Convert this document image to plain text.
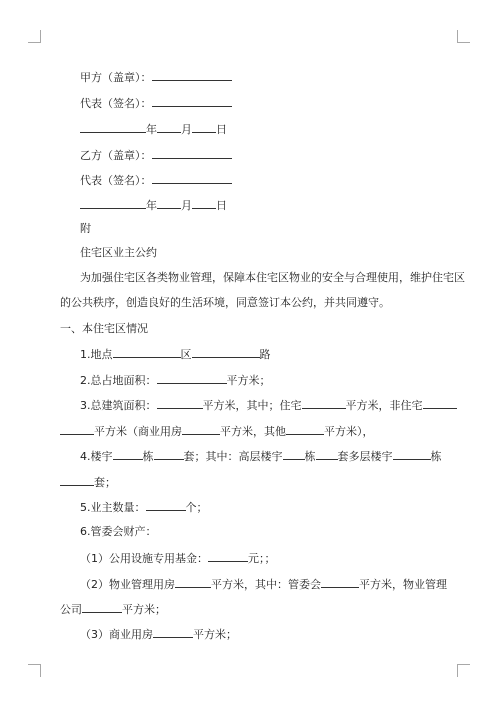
甲方（盖章）：
代表（签名）：
年 月 日
乙方（盖章）：
代表（签名）：
年 月 日
附
住宅区业主公约
为加强住宅区各类物业管理，保障本住宅区物业的安全与合理使用，维护住宅区
的公共秩序，创造良好的生活环境，同意签订本公约，并共同遵守。
一、本住宅区情况
1.地点	区	路
2.总占地面积：	平方米；
3.总建筑面积：	平方米，其中；住宅	平方米，非住宅
平方米（商业用房	平方米，其他	平方米），
4.楼宇	栋	套；其中：高层楼宇 栋 套多层楼宇	栋
套；
5.业主数量：	个；
6.管委会财产：
（1）公用设施专用基金：	元；；
（2）物业管理用房	平方米，其中：管委会	平方米，物业管理
公司	平方米；
（3）商业用房	平方米；
